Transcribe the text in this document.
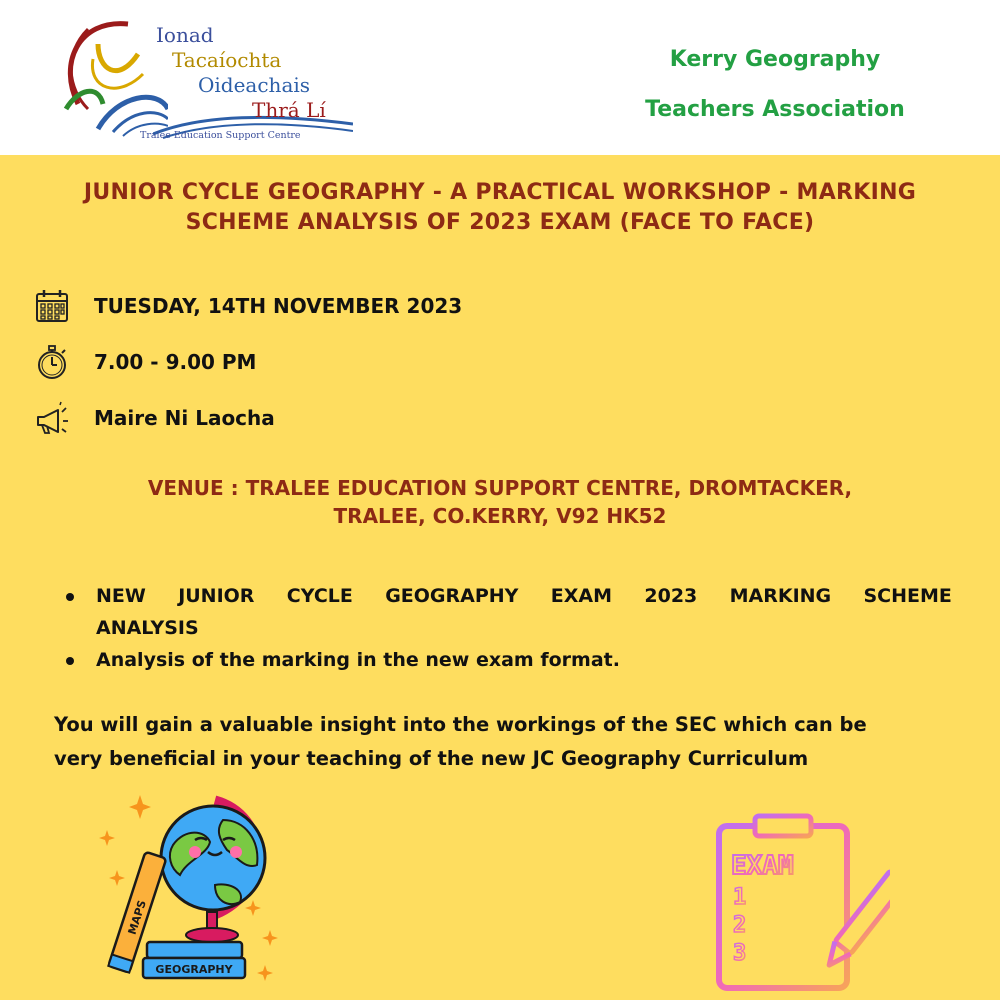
Ionad
Tacaíochta
Oideachais
Thrá Lí
Tralee Education Support Centre
Kerry Geography
Teachers Association
JUNIOR CYCLE GEOGRAPHY - A PRACTICAL WORKSHOP - MARKING
SCHEME ANALYSIS OF 2023 EXAM (FACE TO FACE)
TUESDAY, 14TH NOVEMBER 2023
7.00 - 9.00 PM
Maire Ni Laocha
VENUE : TRALEE EDUCATION SUPPORT CENTRE, DROMTACKER,
TRALEE, CO.KERRY, V92 HK52
NEW JUNIOR CYCLE GEOGRAPHY EXAM 2023 MARKING SCHEME
ANALYSIS
Analysis of the marking in the new exam format.
You will gain a valuable insight into the workings of the SEC which can be
very beneficial in your teaching of the new JC Geography Curriculum
GEOGRAPHY
MAPS
EXAM
1
2
3
